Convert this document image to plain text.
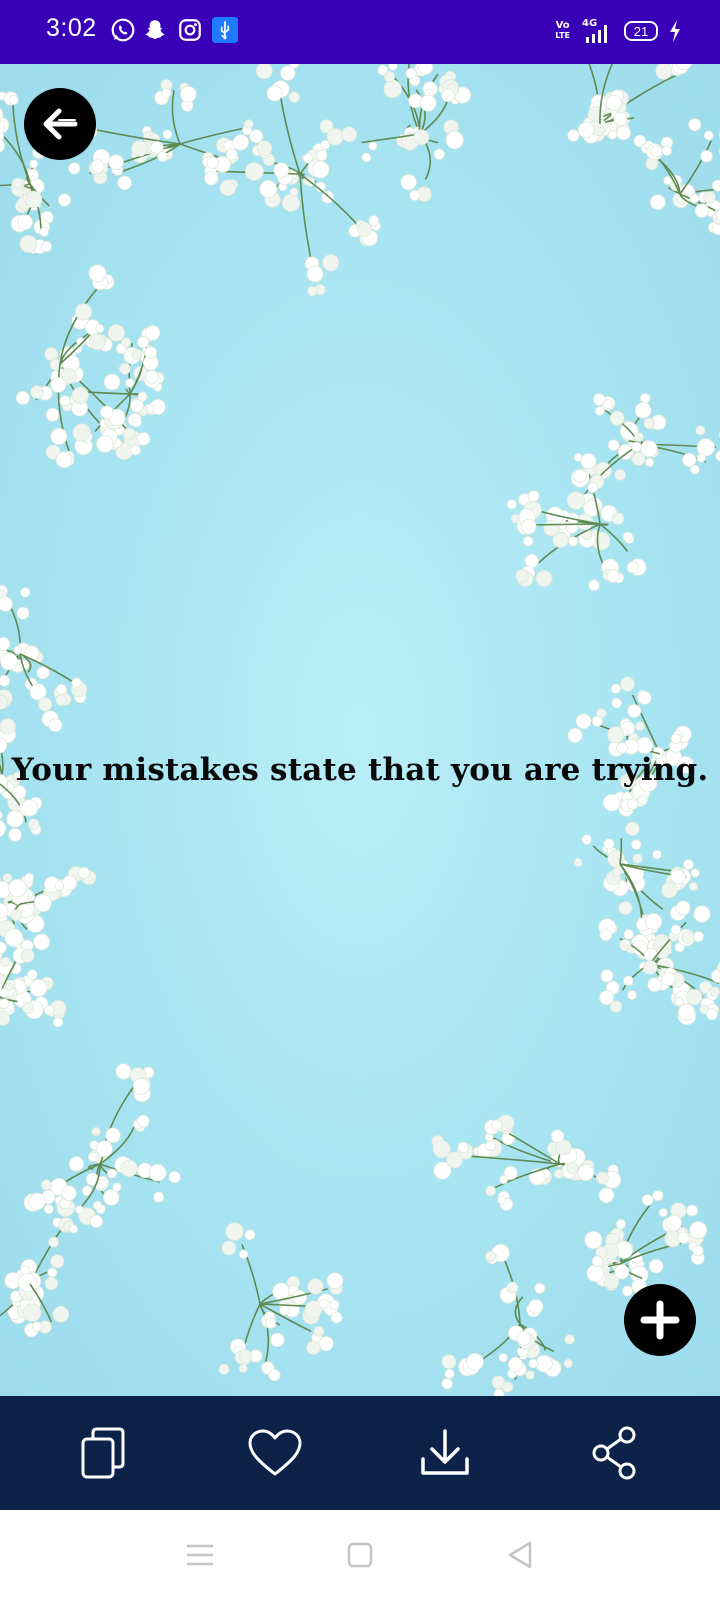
3:02	Vo
LTE
4G	21
Your mistakes state that you are trying.
